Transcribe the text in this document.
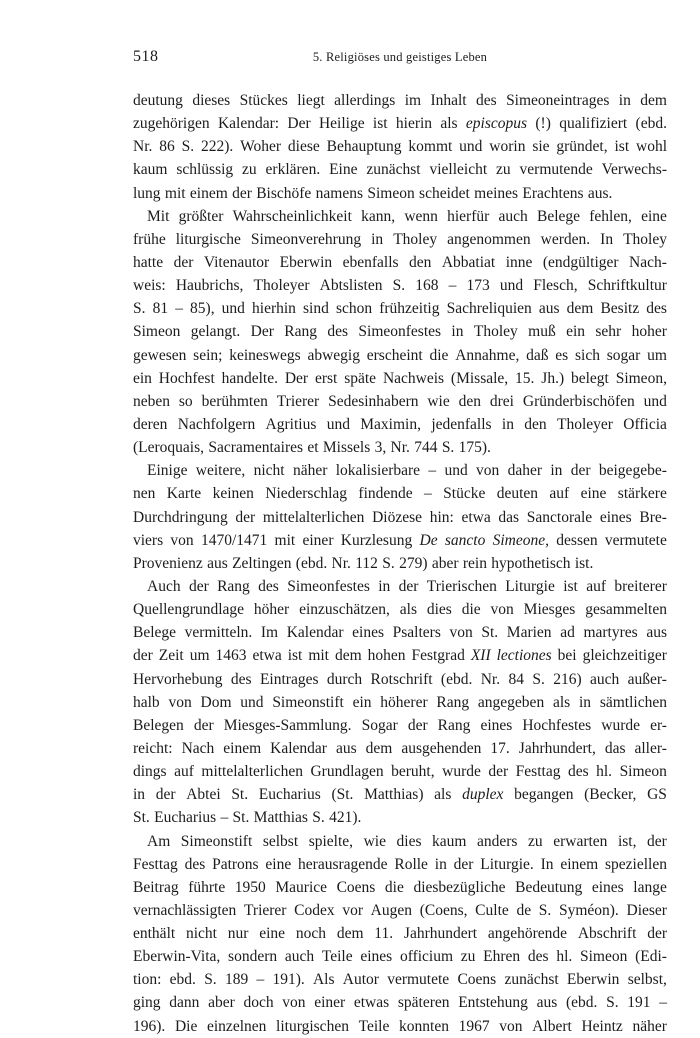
518	5. Religiöses und geistiges Leben
deutung dieses Stückes liegt allerdings im Inhalt des Simeoneintrages in dem
zugehörigen Kalendar: Der Heilige ist hierin als episcopus (!) qualifiziert (ebd.
Nr. 86 S. 222). Woher diese Behauptung kommt und worin sie gründet, ist wohl
kaum schlüssig zu erklären. Eine zunächst vielleicht zu vermutende Verwechs-
lung mit einem der Bischöfe namens Simeon scheidet meines Erachtens aus.
Mit größter Wahrscheinlichkeit kann, wenn hierfür auch Belege fehlen, eine
frühe liturgische Simeonverehrung in Tholey angenommen werden. In Tholey
hatte der Vitenautor Eberwin ebenfalls den Abbatiat inne (endgültiger Nach-
weis: Haubrichs, Tholeyer Abtslisten S. 168 – 173 und Flesch, Schriftkultur
S. 81 – 85), und hierhin sind schon frühzeitig Sachreliquien aus dem Besitz des
Simeon gelangt. Der Rang des Simeonfestes in Tholey muß ein sehr hoher
gewesen sein; keineswegs abwegig erscheint die Annahme, daß es sich sogar um
ein Hochfest handelte. Der erst späte Nachweis (Missale, 15. Jh.) belegt Simeon,
neben so berühmten Trierer Sedesinhabern wie den drei Gründerbischöfen und
deren Nachfolgern Agritius und Maximin, jedenfalls in den Tholeyer Officia
(Leroquais, Sacramentaires et Missels 3, Nr. 744 S. 175).
Einige weitere, nicht näher lokalisierbare – und von daher in der beigegebe-
nen Karte keinen Niederschlag findende – Stücke deuten auf eine stärkere
Durchdringung der mittelalterlichen Diözese hin: etwa das Sanctorale eines Bre-
viers von 1470/1471 mit einer Kurzlesung De sancto Simeone, dessen vermutete
Provenienz aus Zeltingen (ebd. Nr. 112 S. 279) aber rein hypothetisch ist.
Auch der Rang des Simeonfestes in der Trierischen Liturgie ist auf breiterer
Quellengrundlage höher einzuschätzen, als dies die von Miesges gesammelten
Belege vermitteln. Im Kalendar eines Psalters von St. Marien ad martyres aus
der Zeit um 1463 etwa ist mit dem hohen Festgrad XII lectiones bei gleichzeitiger
Hervorhebung des Eintrages durch Rotschrift (ebd. Nr. 84 S. 216) auch außer-
halb von Dom und Simeonstift ein höherer Rang angegeben als in sämtlichen
Belegen der Miesges-Sammlung. Sogar der Rang eines Hochfestes wurde er-
reicht: Nach einem Kalendar aus dem ausgehenden 17. Jahrhundert, das aller-
dings auf mittelalterlichen Grundlagen beruht, wurde der Festtag des hl. Simeon
in der Abtei St. Eucharius (St. Matthias) als duplex begangen (Becker, GS
St. Eucharius – St. Matthias S. 421).
Am Simeonstift selbst spielte, wie dies kaum anders zu erwarten ist, der
Festtag des Patrons eine herausragende Rolle in der Liturgie. In einem speziellen
Beitrag führte 1950 Maurice Coens die diesbezügliche Bedeutung eines lange
vernachlässigten Trierer Codex vor Augen (Coens, Culte de S. Syméon). Dieser
enthält nicht nur eine noch dem 11. Jahrhundert angehörende Abschrift der
Eberwin-Vita, sondern auch Teile eines officium zu Ehren des hl. Simeon (Edi-
tion: ebd. S. 189 – 191). Als Autor vermutete Coens zunächst Eberwin selbst,
ging dann aber doch von einer etwas späteren Entstehung aus (ebd. S. 191 –
196). Die einzelnen liturgischen Teile konnten 1967 von Albert Heintz näher
